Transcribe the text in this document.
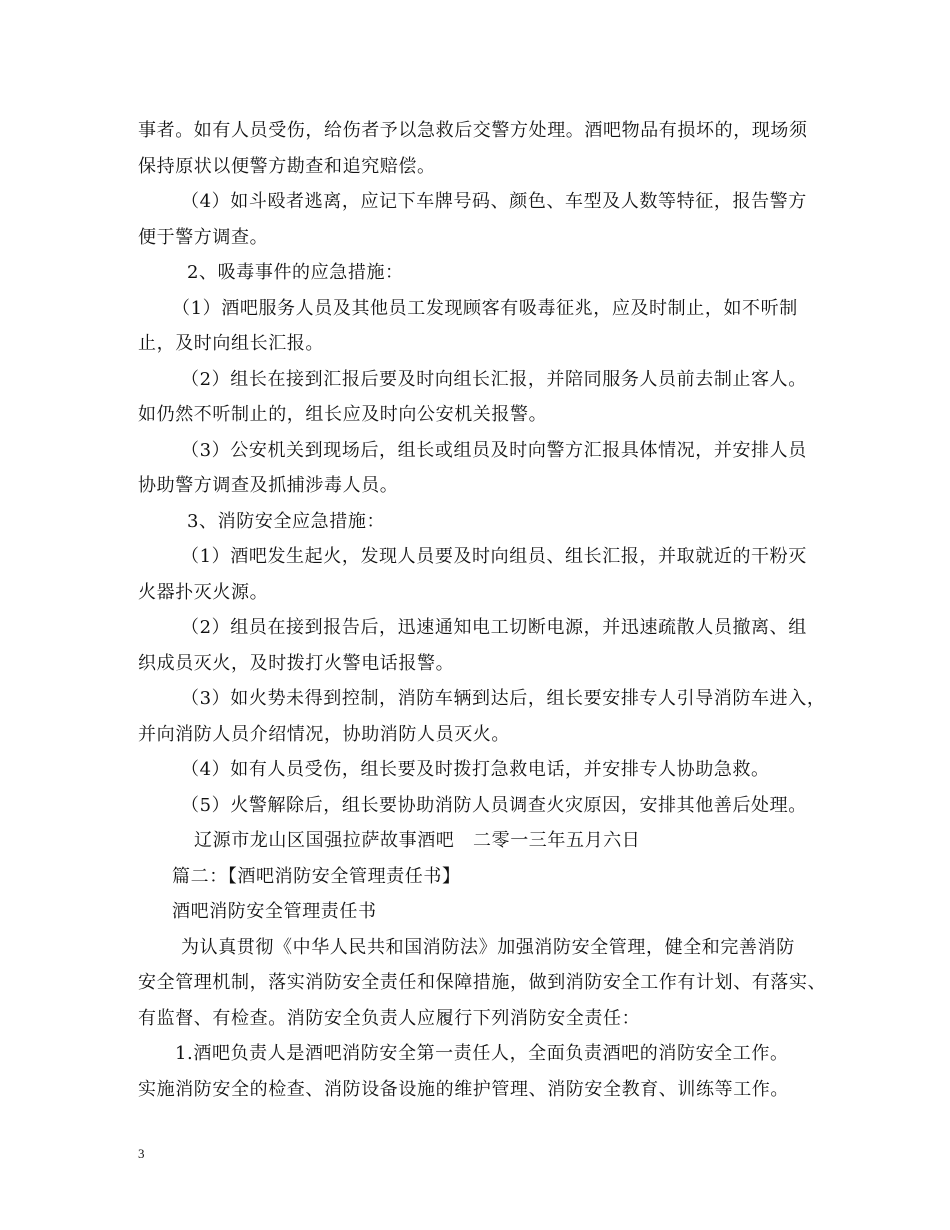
事者。如有人员受伤，给伤者予以急救后交警方处理。酒吧物品有损坏的，现场须
保持原状以便警方勘查和追究赔偿。
（4）如斗殴者逃离，应记下车牌号码、颜色、车型及人数等特征，报告警方
便于警方调查。
2、吸毒事件的应急措施：
（1）酒吧服务人员及其他员工发现顾客有吸毒征兆，应及时制止，如不听制
止，及时向组长汇报。
（2）组长在接到汇报后要及时向组长汇报，并陪同服务人员前去制止客人。
如仍然不听制止的，组长应及时向公安机关报警。
（3）公安机关到现场后，组长或组员及时向警方汇报具体情况，并安排人员
协助警方调查及抓捕涉毒人员。
3、消防安全应急措施：
（1）酒吧发生起火，发现人员要及时向组员、组长汇报，并取就近的干粉灭
火器扑灭火源。
（2）组员在接到报告后，迅速通知电工切断电源，并迅速疏散人员撤离、组
织成员灭火，及时拨打火警电话报警。
（3）如火势未得到控制，消防车辆到达后，组长要安排专人引导消防车进入，
并向消防人员介绍情况，协助消防人员灭火。
（4）如有人员受伤，组长要及时拨打急救电话，并安排专人协助急救。
（5）火警解除后，组长要协助消防人员调查火灾原因，安排其他善后处理。
辽源市龙山区国强拉萨故事酒吧　二零一三年五月六日
篇二：【酒吧消防安全管理责任书】
酒吧消防安全管理责任书
为认真贯彻《中华人民共和国消防法》加强消防安全管理，健全和完善消防
安全管理机制，落实消防安全责任和保障措施，做到消防安全工作有计划、有落实、
有监督、有检查。消防安全负责人应履行下列消防安全责任：
1.酒吧负责人是酒吧消防安全第一责任人，全面负责酒吧的消防安全工作。
实施消防安全的检查、消防设备设施的维护管理、消防安全教育、训练等工作。
3
